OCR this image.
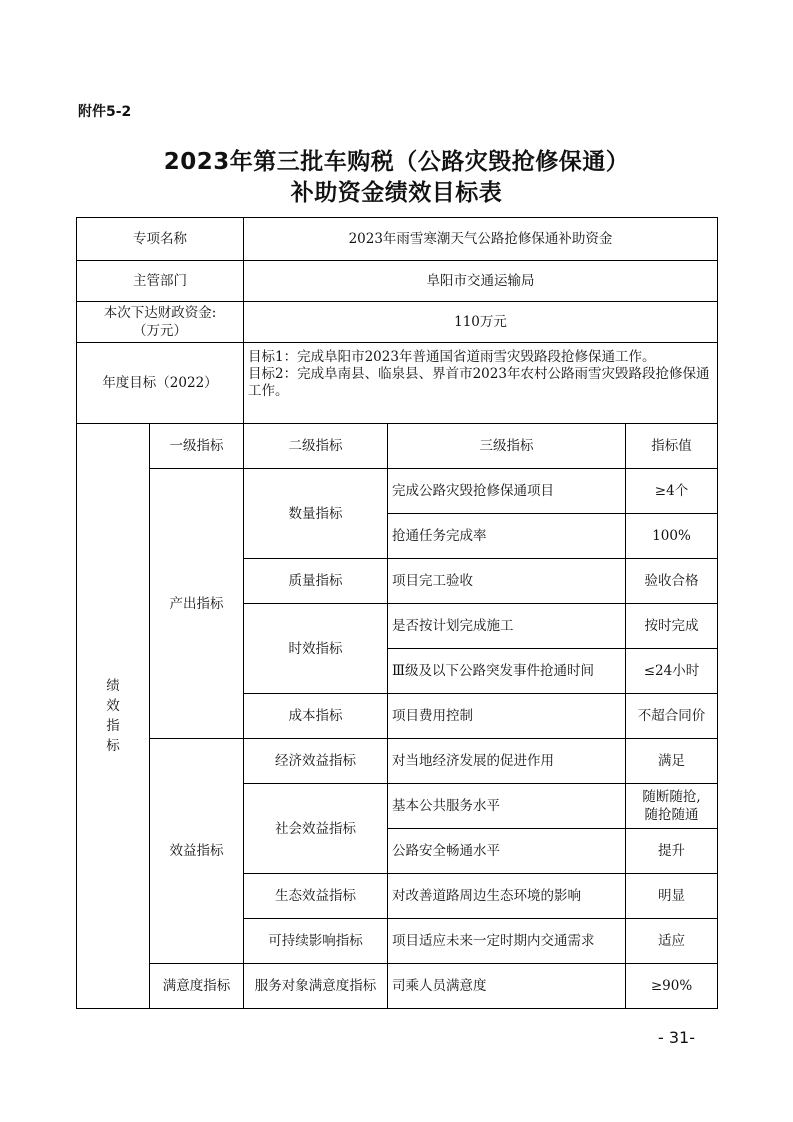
附件5-2
2023年第三批车购税（公路灾毁抢修保通）
补助资金绩效目标表
专项名称		2023年雨雪寒潮天气公路抢修保通补助资金		
主管部门		阜阳市交通运输局		

本次下达财政资金:
（万元）		110万元		
年度目标（2022）		目标1：完成阜阳市2023年普通国省道雨雪灾毁路段抢修保通工作。
目标2：完成阜南县、临泉县、界首市2023年农村公路雨雪灾毁路段抢修保通工作。		

绩
效
指
标	一级指标	二级指标	三级指标	指标值
	产出指标	数量指标	完成公路灾毁抢修保通项目	≥4个
			抢通任务完成率	100%
		质量指标	项目完工验收	验收合格
		时效指标	是否按计划完成施工	按时完成
			Ⅲ级及以下公路突发事件抢通时间	≤24小时
		成本指标	项目费用控制	不超合同价
	效益指标	经济效益指标	对当地经济发展的促进作用	满足
		社会效益指标	基本公共服务水平	随断随抢,
随抢随通

			公路安全畅通水平	提升
		生态效益指标	对改善道路周边生态环境的影响	明显
		可持续影响指标	项目适应未来一定时期内交通需求	适应
	满意度指标	服务对象满意度指标	司乘人员满意度	≥90%
- 31-
